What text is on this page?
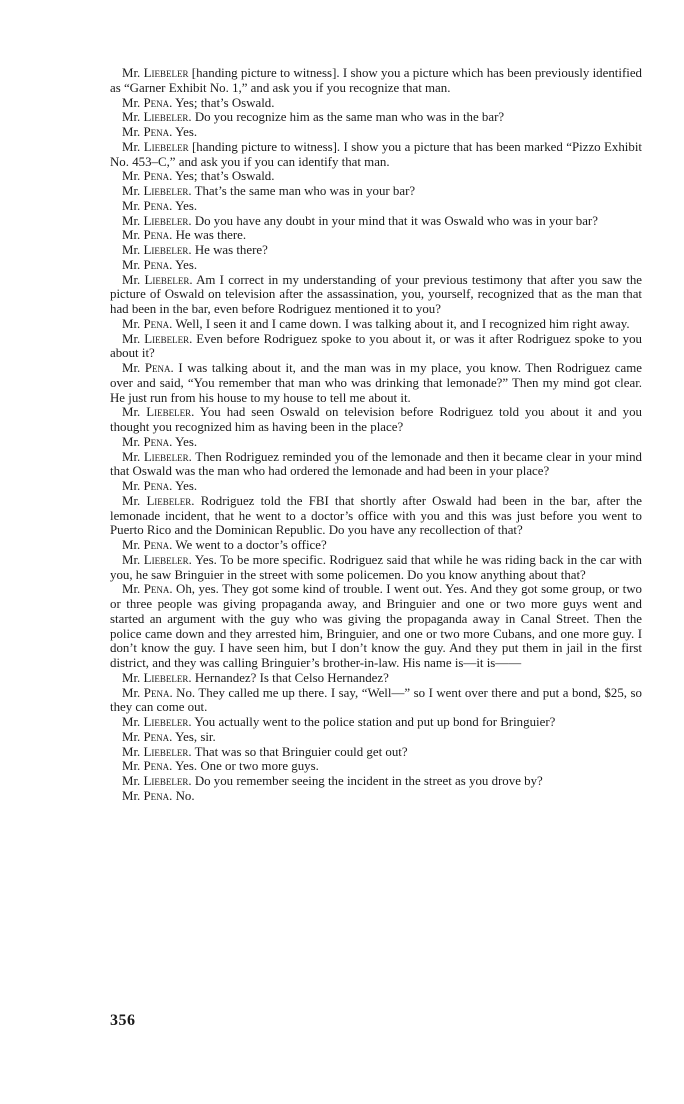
Mr. Liebeler [handing picture to witness]. I show you a picture which has been previously identified as “Garner Exhibit No. 1,” and ask you if you recognize that man.

Mr. Pena. Yes; that’s Oswald.

Mr. Liebeler. Do you recognize him as the same man who was in the bar?

Mr. Pena. Yes.

Mr. Liebeler [handing picture to witness]. I show you a picture that has been marked “Pizzo Exhibit No. 453–C,” and ask you if you can identify that man.

Mr. Pena. Yes; that’s Oswald.

Mr. Liebeler. That’s the same man who was in your bar?

Mr. Pena. Yes.

Mr. Liebeler. Do you have any doubt in your mind that it was Oswald who was in your bar?

Mr. Pena. He was there.

Mr. Liebeler. He was there?

Mr. Pena. Yes.

Mr. Liebeler. Am I correct in my understanding of your previous testimony that after you saw the picture of Oswald on television after the assassination, you, yourself, recognized that as the man that had been in the bar, even before Rodriguez mentioned it to you?

Mr. Pena. Well, I seen it and I came down. I was talking about it, and I recognized him right away.

Mr. Liebeler. Even before Rodriguez spoke to you about it, or was it after Rodriguez spoke to you about it?

Mr. Pena. I was talking about it, and the man was in my place, you know. Then Rodriguez came over and said, “You remember that man who was drinking that lemonade?” Then my mind got clear. He just run from his house to my house to tell me about it.

Mr. Liebeler. You had seen Oswald on television before Rodriguez told you about it and you thought you recognized him as having been in the place?

Mr. Pena. Yes.

Mr. Liebeler. Then Rodriguez reminded you of the lemonade and then it became clear in your mind that Oswald was the man who had ordered the lemonade and had been in your place?

Mr. Pena. Yes.

Mr. Liebeler. Rodriguez told the FBI that shortly after Oswald had been in the bar, after the lemonade incident, that he went to a doctor’s office with you and this was just before you went to Puerto Rico and the Dominican Republic. Do you have any recollection of that?

Mr. Pena. We went to a doctor’s office?

Mr. Liebeler. Yes. To be more specific. Rodriguez said that while he was riding back in the car with you, he saw Bringuier in the street with some policemen. Do you know anything about that?

Mr. Pena. Oh, yes. They got some kind of trouble. I went out. Yes. And they got some group, or two or three people was giving propaganda away, and Bringuier and one or two more guys went and started an argument with the guy who was giving the propaganda away in Canal Street. Then the police came down and they arrested him, Bringuier, and one or two more Cubans, and one more guy. I don’t know the guy. I have seen him, but I don’t know the guy. And they put them in jail in the first district, and they was calling Bringuier’s brother-in-law. His name is—it is——

Mr. Liebeler. Hernandez? Is that Celso Hernandez?

Mr. Pena. No. They called me up there. I say, “Well—” so I went over there and put a bond, $25, so they can come out.

Mr. Liebeler. You actually went to the police station and put up bond for Bringuier?

Mr. Pena. Yes, sir.

Mr. Liebeler. That was so that Bringuier could get out?

Mr. Pena. Yes. One or two more guys.

Mr. Liebeler. Do you remember seeing the incident in the street as you drove by?

Mr. Pena. No.

356
